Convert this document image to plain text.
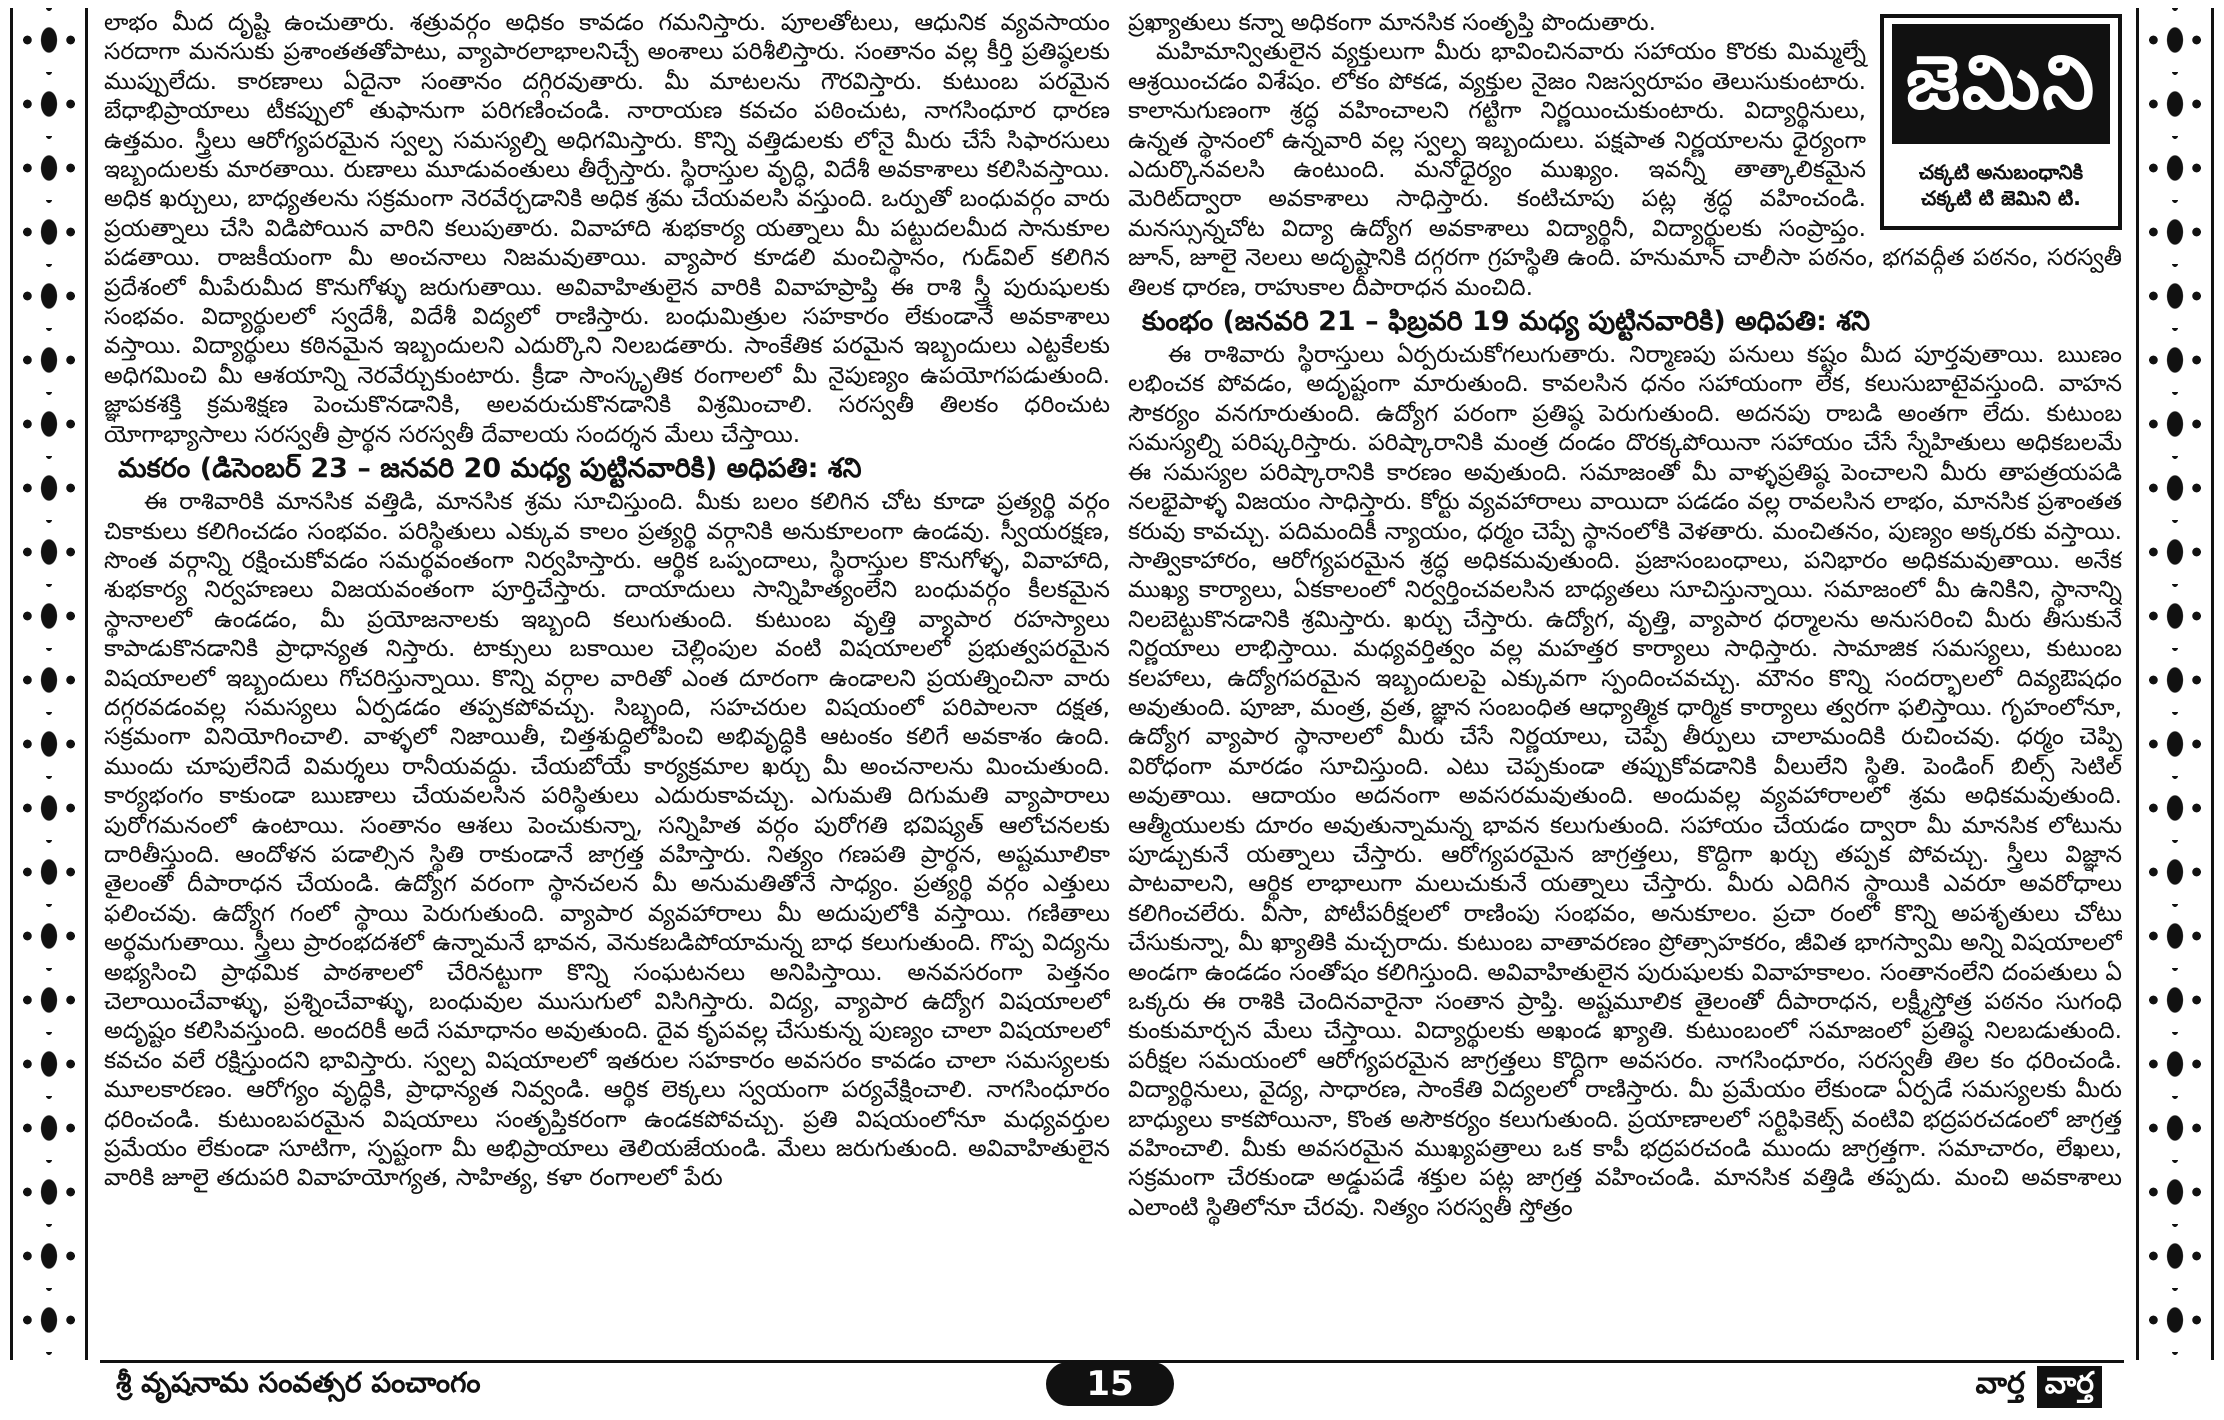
లాభం మీద దృష్టి ఉంచుతారు. శత్రువర్గం అధికం కావడం గమనిస్తారు. పూలతోటలు, ఆధునిక వ్యవసాయం సరదాగా మనసుకు ప్రశాంతతతోపాటు, వ్యాపారలాభాలనిచ్చే అంశాలు పరిశీలిస్తారు. సంతానం వల్ల కీర్తి ప్రతిష్ఠలకు ముప్పులేదు. కారణాలు ఏదైనా సంతానం దగ్గిరవుతారు. మీ మాటలను గౌరవిస్తారు. కుటుంబ పరమైన బేధాభిప్రాయాలు టీకప్పులో తుఫానుగా పరిగణించండి. నారాయణ కవచం పఠించుట, నాగసింధూర ధారణ ఉత్తమం. స్త్రీలు ఆరోగ్యపరమైన స్వల్ప సమస్యల్ని అధిగమిస్తారు. కొన్ని వత్తిడులకు లోనై మీరు చేసే సిఫారసులు ఇబ్బందులకు మారతాయి. రుణాలు మూడువంతులు తీర్చేస్తారు. స్థిరాస్తుల వృద్ధి, విదేశీ అవకాశాలు కలిసివస్తాయి. అధిక ఖర్చులు, బాధ్యతలను సక్రమంగా నెరవేర్చడానికి అధిక శ్రమ చేయవలసి వస్తుంది. ఒర్పుతో బంధువర్గం వారు ప్రయత్నాలు చేసి విడిపోయిన వారిని కలుపుతారు. వివాహాది శుభకార్య యత్నాలు మీ పట్టుదలమీద సానుకూల పడతాయి. రాజకీయంగా మీ అంచనాలు నిజమవుతాయి. వ్యాపార కూడలి మంచిస్థానం, గుడ్‌విల్ కలిగిన ప్రదేశంలో మీపేరుమీద కొనుగోళ్ళు జరుగుతాయి. అవివాహితులైన వారికి వివాహప్రాప్తి ఈ రాశి స్త్రీ పురుషులకు సంభవం. విద్యార్థులలో స్వదేశీ, విదేశీ విద్యలో రాణిస్తారు. బంధుమిత్రుల సహకారం లేకుండానే అవకాశాలు వస్తాయి. విద్యార్థులు కఠినమైన ఇబ్బందులని ఎదుర్కొని నిలబడతారు. సాంకేతిక పరమైన ఇబ్బందులు ఎట్టకేలకు అధిగమించి మీ ఆశయాన్ని నెరవేర్చుకుంటారు. క్రీడా సాంస్కృతిక రంగాలలో మీ నైపుణ్యం ఉపయోగపడుతుంది. జ్ఞాపకశక్తి క్రమశిక్షణ పెంచుకొనడానికి, అలవరుచుకొనడానికి విశ్రమించాలి. సరస్వతీ తిలకం ధరించుట యోగాభ్యాసాలు సరస్వతీ ప్రార్థన సరస్వతీ దేవాలయ సందర్శన మేలు చేస్తాయి.

మకరం (డిసెంబర్ 23 – జనవరి 20 మధ్య పుట్టినవారికి) అధిపతి: శని

ఈ రాశివారికి మానసిక వత్తిడి, మానసిక శ్రమ సూచిస్తుంది. మీకు బలం కలిగిన చోట కూడా ప్రత్యర్థి వర్గం చికాకులు కలిగించడం సంభవం. పరిస్థితులు ఎక్కువ కాలం ప్రత్యర్థి వర్గానికి అనుకూలంగా ఉండవు. స్వీయరక్షణ, సొంత వర్గాన్ని రక్షించుకోవడం సమర్థవంతంగా నిర్వహిస్తారు. ఆర్థిక ఒప్పందాలు, స్థిరాస్తుల కొనుగోళ్ళ, వివాహాది, శుభకార్య నిర్వహణలు విజయవంతంగా పూర్తిచేస్తారు. దాయాదులు సాన్నిహిత్యంలేని బంధువర్గం కీలకమైన స్థానాలలో ఉండడం, మీ ప్రయోజనాలకు ఇబ్బంది కలుగుతుంది. కుటుంబ వృత్తి వ్యాపార రహస్యాలు కాపాడుకొనడానికి ప్రాధాన్యత నిస్తారు. టాక్సులు బకాయిల చెల్లింపుల వంటి విషయాలలో ప్రభుత్వపరమైన విషయాలలో ఇబ్బందులు గోచరిస్తున్నాయి. కొన్ని వర్గాల వారితో ఎంత దూరంగా ఉండాలని ప్రయత్నించినా వారు దగ్గరవడంవల్ల సమస్యలు ఏర్పడడం తప్పకపోవచ్చు. సిబ్బంది, సహచరుల విషయంలో పరిపాలనా దక్షత, సక్రమంగా వినియోగించాలి. వాళ్ళలో నిజాయితీ, చిత్తశుద్ధిలోపించి అభివృద్ధికి ఆటంకం కలిగే అవకాశం ఉంది. ముందు చూపులేనిదే విమర్శలు రానీయవద్దు. చేయబోయే కార్యక్రమాల ఖర్చు మీ అంచనాలను మించుతుంది. కార్యభంగం కాకుండా ఋణాలు చేయవలసిన పరిస్థితులు ఎదురుకావచ్చు. ఎగుమతి దిగుమతి వ్యాపారాలు పురోగమనంలో ఉంటాయి. సంతానం ఆశలు పెంచుకున్నా, సన్నిహిత వర్గం పురోగతి భవిష్యత్ ఆలోచనలకు దారితీస్తుంది. ఆందోళన పడాల్సిన స్థితి రాకుండానే జాగ్రత్త వహిస్తారు. నిత్యం గణపతి ప్రార్థన, అష్టమూలికా తైలంతో దీపారాధన చేయండి. ఉద్యోగ వరంగా స్థానచలన మీ అనుమతితోనే సాధ్యం. ప్రత్యర్థి వర్గం ఎత్తులు ఫలించవు. ఉద్యోగ గంలో స్థాయి పెరుగుతుంది. వ్యాపార వ్యవహారాలు మీ అదుపులోకి వస్తాయి. గణితాలు అర్థమగుతాయి. స్త్రీలు ప్రారంభదశలో ఉన్నామనే భావన, వెనుకబడిపోయామన్న బాధ కలుగుతుంది. గొప్ప విద్యను అభ్యసించి ప్రాథమిక పాఠశాలలో చేరినట్టుగా కొన్ని సంఘటనలు అనిపిస్తాయి. అనవసరంగా పెత్తనం చెలాయించేవాళ్ళు, ప్రశ్నించేవాళ్ళు, బంధువుల ముసుగులో విసిగిస్తారు. విద్య, వ్యాపార ఉద్యోగ విషయాలలో అదృష్టం కలిసివస్తుంది. అందరికీ అదే సమాధానం అవుతుంది. దైవ కృపవల్ల చేసుకున్న పుణ్యం చాలా విషయాలలో కవచం వలే రక్షిస్తుందని భావిస్తారు. స్వల్ప విషయాలలో ఇతరుల సహకారం అవసరం కావడం చాలా సమస్యలకు మూలకారణం. ఆరోగ్యం వృద్ధికి, ప్రాధాన్యత నివ్వండి. ఆర్థిక లెక్కలు స్వయంగా పర్యవేక్షించాలి. నాగసింధూరం ధరించండి. కుటుంబపరమైన విషయాలు సంతృప్తికరంగా ఉండకపోవచ్చు. ప్రతి విషయంలోనూ మధ్యవర్తుల ప్రమేయం లేకుండా సూటిగా, స్పష్టంగా మీ అభిప్రాయాలు తెలియజేయండి. మేలు జరుగుతుంది. అవివాహితులైన వారికి జూలై తదుపరి వివాహయోగ్యత, సాహిత్య, కళా రంగాలలో పేరు

జెమిని
చక్కటి అనుబంధానికి చక్కటి టి జెమిని టి.

ప్రఖ్యాతులు కన్నా అధికంగా మానసిక సంతృప్తి పొందుతారు.

మహిమాన్వితులైన వ్యక్తులుగా మీరు భావించినవారు సహాయం కొరకు మిమ్మల్నే ఆశ్రయించడం విశేషం. లోకం పోకడ, వ్యక్తుల నైజం నిజస్వరూపం తెలుసుకుంటారు. కాలానుగుణంగా శ్రద్ధ వహించాలని గట్టిగా నిర్ణయించుకుంటారు. విద్యార్థినులు, ఉన్నత స్థానంలో ఉన్నవారి వల్ల స్వల్ప ఇబ్బందులు. పక్షపాత నిర్ణయాలను ధైర్యంగా ఎదుర్కొనవలసి ఉంటుంది. మనోధైర్యం ముఖ్యం. ఇవన్నీ తాత్కాలికమైన మెరిట్‌ద్వారా అవకాశాలు సాధిస్తారు. కంటిచూపు పట్ల శ్రద్ధ వహించండి. మనస్సున్నచోట విద్యా ఉద్యోగ అవకాశాలు విద్యార్థినీ, విద్యార్థులకు సంప్రాప్తం. జూన్, జూలై నెలలు అదృష్టానికి దగ్గరగా గ్రహస్థితి ఉంది. హనుమాన్ చాలీసా పఠనం, భగవద్గీత పఠనం, సరస్వతీ తిలక ధారణ, రాహుకాల దీపారాధన మంచిది.

కుంభం (జనవరి 21 – ఫిబ్రవరి 19 మధ్య పుట్టినవారికి) అధిపతి: శని

ఈ రాశివారు స్థిరాస్తులు ఏర్పరుచుకోగలుగుతారు. నిర్మాణపు పనులు కష్టం మీద పూర్తవుతాయి. ఋణం లభించక పోవడం, అదృష్టంగా మారుతుంది. కావలసిన ధనం సహాయంగా లేక, కలుసుబాటైవస్తుంది. వాహన సౌకర్యం వనగూరుతుంది. ఉద్యోగ పరంగా ప్రతిష్ఠ పెరుగుతుంది. అదనపు రాబడి అంతగా లేదు. కుటుంబ సమస్యల్ని పరిష్కరిస్తారు. పరిష్కారానికి మంత్ర దండం దొరక్కపోయినా సహాయం చేసే స్నేహితులు అధికబలమే ఈ సమస్యల పరిష్కారానికి కారణం అవుతుంది. సమాజంతో మీ వాళ్ళప్రతిష్ఠ పెంచాలని మీరు తాపత్రయపడి నలభైపాళ్ళ విజయం సాధిస్తారు. కోర్టు వ్యవహారాలు వాయిదా పడడం వల్ల రావలసిన లాభం, మానసిక ప్రశాంతత కరువు కావచ్చు. పదిమందికీ న్యాయం, ధర్మం చెప్పే స్థానంలోకి వెళతారు. మంచితనం, పుణ్యం అక్కరకు వస్తాయి. సాత్వికాహారం, ఆరోగ్యపరమైన శ్రద్ధ అధికమవుతుంది. ప్రజాసంబంధాలు, పనిభారం అధికమవుతాయి. అనేక ముఖ్య కార్యాలు, ఏకకాలంలో నిర్వర్తించవలసిన బాధ్యతలు సూచిస్తున్నాయి. సమాజంలో మీ ఉనికిని, స్థానాన్ని నిలబెట్టుకొనడానికి శ్రమిస్తారు. ఖర్చు చేస్తారు. ఉద్యోగ, వృత్తి, వ్యాపార ధర్మాలను అనుసరించి మీరు తీసుకునే నిర్ణయాలు లాభిస్తాయి. మధ్యవర్తిత్వం వల్ల మహత్తర కార్యాలు సాధిస్తారు. సామాజిక సమస్యలు, కుటుంబ కలహాలు, ఉద్యోగపరమైన ఇబ్బందులపై ఎక్కువగా స్పందించవచ్చు. మౌనం కొన్ని సందర్భాలలో దివ్యఔషధం అవుతుంది. పూజా, మంత్ర, వ్రత, జ్ఞాన సంబంధిత ఆధ్యాత్మిక ధార్మిక కార్యాలు త్వరగా ఫలిస్తాయి. గృహంలోనూ, ఉద్యోగ వ్యాపార స్థానాలలో మీరు చేసే నిర్ణయాలు, చెప్పే తీర్పులు చాలామందికి రుచించవు. ధర్మం చెప్పి విరోధంగా మారడం సూచిస్తుంది. ఎటు చెప్పకుండా తప్పుకోవడానికి వీలులేని స్థితి. పెండింగ్ బిల్స్ సెటిల్ అవుతాయి. ఆదాయం అదనంగా అవసరమవుతుంది. అందువల్ల వ్యవహారాలలో శ్రమ అధికమవుతుంది. ఆత్మీయులకు దూరం అవుతున్నామన్న భావన కలుగుతుంది. సహాయం చేయడం ద్వారా మీ మానసిక లోటును పూడ్చుకునే యత్నాలు చేస్తారు. ఆరోగ్యపరమైన జాగ్రత్తలు, కొద్దిగా ఖర్చు తప్పక పోవచ్చు. స్త్రీలు విజ్ఞాన పాటవాలని, ఆర్థిక లాభాలుగా మలుచుకునే యత్నాలు చేస్తారు. మీరు ఎదిగిన స్థాయికి ఎవరూ అవరోధాలు కలిగించలేరు. వీసా, పోటీపరీక్షలలో రాణింపు సంభవం, అనుకూలం. ప్రచా రంలో కొన్ని అపశృతులు చోటు చేసుకున్నా, మీ ఖ్యాతికి మచ్చరాదు. కుటుంబ వాతావరణం ప్రోత్సాహకరం, జీవిత భాగస్వామి అన్ని విషయాలలో అండగా ఉండడం సంతోషం కలిగిస్తుంది. అవివాహితులైన పురుషులకు వివాహకాలం. సంతానంలేని దంపతులు ఏ ఒక్కరు ఈ రాశికి చెందినవారైనా సంతాన ప్రాప్తి. అష్టమూలిక తైలంతో దీపారాధన, లక్ష్మీస్తోత్ర పఠనం సుగంధి కుంకుమార్చన మేలు చేస్తాయి. విద్యార్థులకు అఖండ ఖ్యాతి. కుటుంబంలో సమాజంలో ప్రతిష్ఠ నిలబడుతుంది. పరీక్షల సమయంలో ఆరోగ్యపరమైన జాగ్రత్తలు కొద్దిగా అవసరం. నాగసింధూరం, సరస్వతీ తిల కం ధరించండి. విద్యార్థినులు, వైద్య, సాధారణ, సాంకేతి విద్యలలో రాణిస్తారు. మీ ప్రమేయం లేకుండా ఏర్పడే సమస్యలకు మీరు బాధ్యులు కాకపోయినా, కొంత అసౌకర్యం కలుగుతుంది. ప్రయాణాలలో సర్టిఫికెట్స్ వంటివి భద్రపరచడంలో జాగ్రత్త వహించాలి. మీకు అవసరమైన ముఖ్యపత్రాలు ఒక కాపీ భద్రపరచండి ముందు జాగ్రత్తగా. సమాచారం, లేఖలు, సక్రమంగా చేరకుండా అడ్డుపడే శక్తుల పట్ల జాగ్రత్త వహించండి. మానసిక వత్తిడి తప్పదు. మంచి అవకాశాలు ఎలాంటి స్థితిలోనూ చేరవు. నిత్యం సరస్వతీ స్తోత్రం

శ్రీ వృషనామ సంవత్సర పంచాంగం	15	వార్త వార్త
